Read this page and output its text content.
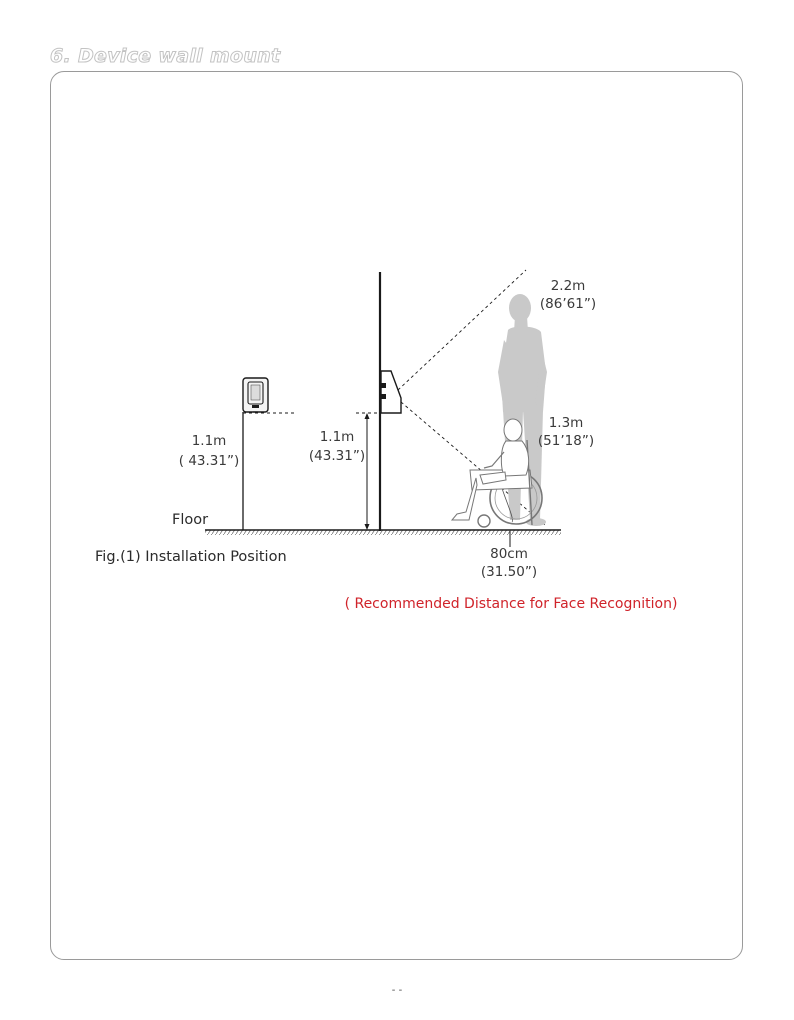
6. Device wall mount
1.1m
( 43.31”)
Floor
Fig.(1) Installation Position
1.1m
(43.31”)
2.2m
(86’61”)
1.3m
(51’18”)
80cm
(31.50”)
( Recommended Distance for Face Recognition)
- -
